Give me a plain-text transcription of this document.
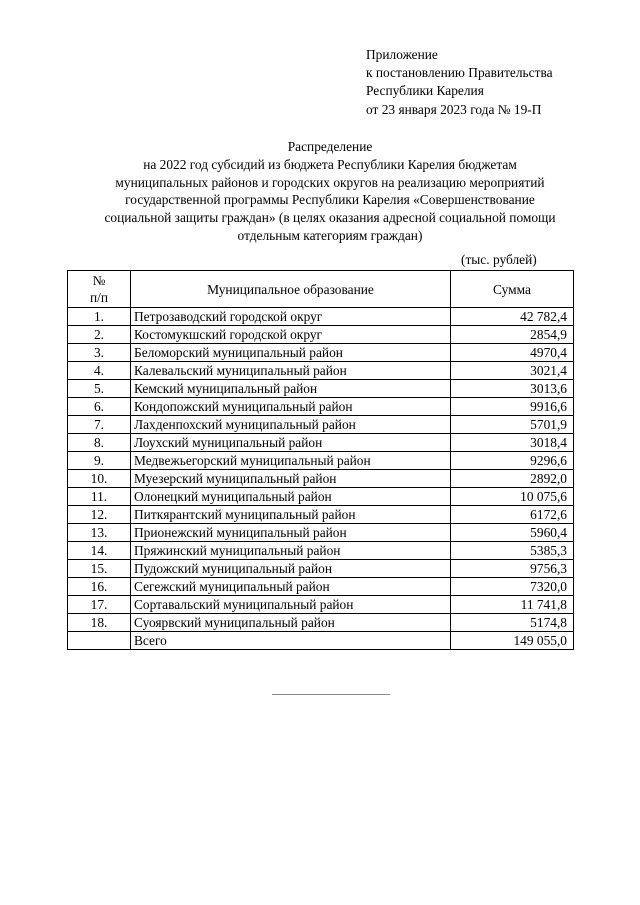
Приложение
к постановлению Правительства
Республики Карелия
от 23 января 2023 года № 19-П
Распределение
на 2022 год субсидий из бюджета Республики Карелия бюджетам
муниципальных районов и городских округов на реализацию мероприятий
государственной программы Республики Карелия «Совершенствование
социальной защиты граждан» (в целях оказания адресной социальной помощи
отдельным категориям граждан)
(тыс. рублей)
№
п/п	Муниципальное образование	Сумма
1.	Петрозаводский городской округ	42 782,4
2.	Костомукшский городской округ	2854,9
3.	Беломорский муниципальный район	4970,4
4.	Калевальский муниципальный район	3021,4
5.	Кемский муниципальный район	3013,6
6.	Кондопожский муниципальный район	9916,6
7.	Лахденпохский муниципальный район	5701,9
8.	Лоухский муниципальный район	3018,4
9.	Медвежьегорский муниципальный район	9296,6
10.	Муезерский муниципальный район	2892,0
11.	Олонецкий муниципальный район	10 075,6
12.	Питкярантский муниципальный район	6172,6
13.	Прионежский муниципальный район	5960,4
14.	Пряжинский муниципальный район	5385,3
15.	Пудожский муниципальный район	9756,3
16.	Сегежский муниципальный район	7320,0
17.	Сортавальский муниципальный район	11 741,8
18.	Суоярвский муниципальный район	5174,8
	Всего	149 055,0
